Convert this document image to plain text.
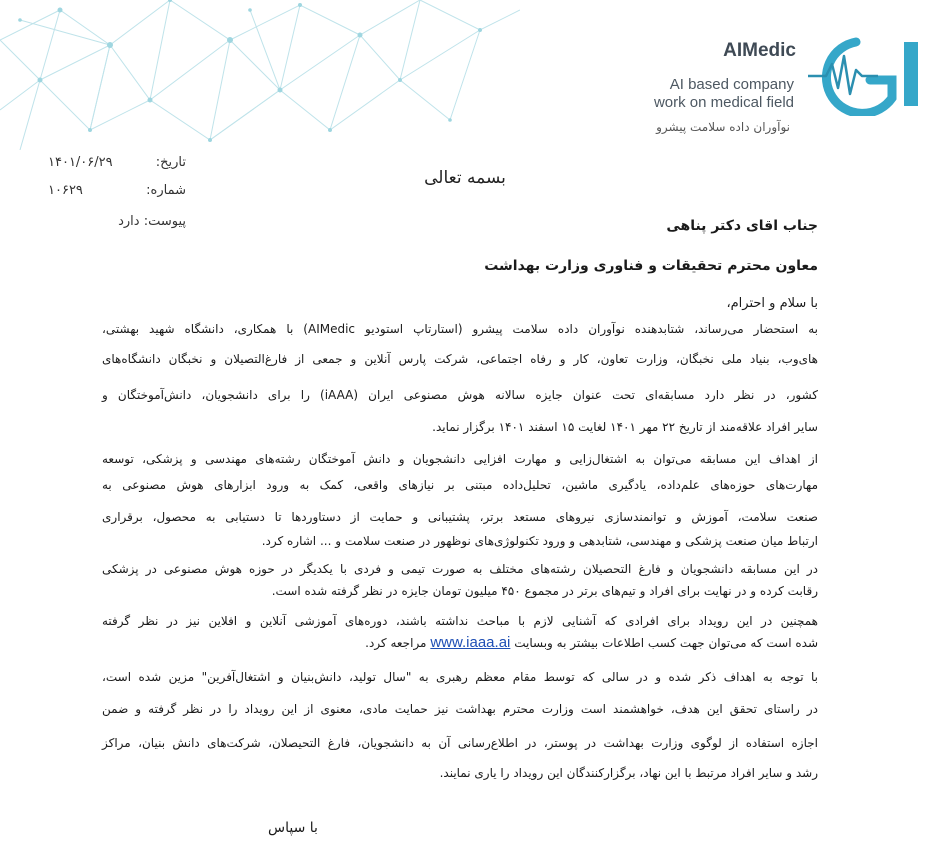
AIMedic
AI based company
work on medical field
نوآوران داده سلامت پیشرو
تاریخ:
۱۴۰۱/۰۶/۲۹
شماره:
۱۰۶۲۹
پیوست: دارد
بسمه تعالی
جناب اقای دکتر پناهی
معاون محترم تحقیقات و فناوری وزارت بهداشت
با سلام و احترام،
به استحضار می‌رساند، شتابدهنده نوآوران داده سلامت پیشرو (استارتاپ استودیو AIMedic) با همکاری، دانشگاه شهید بهشتی،
های‌وب، بنیاد ملی نخبگان، وزارت تعاون، کار و رفاه اجتماعی، شرکت پارس آنلاین و جمعی از فارغ‌التصیلان و نخبگان دانشگاه‌های
کشور، در نظر دارد مسابقه‌ای تحت عنوان جایزه سالانه هوش مصنوعی ایران (iAAA) را برای دانشجویان، دانش‌آموختگان و
سایر افراد علاقه‌مند از تاریخ ۲۲ مهر ۱۴۰۱ لغایت ۱۵ اسفند ۱۴۰۱ برگزار نماید.
از اهداف این مسابقه می‌توان به اشتغال‌زایی و مهارت افزایی دانشجویان و دانش آموختگان رشته‌های مهندسی و پزشکی، توسعه
مهارت‌های حوزه‌های علم‌داده، یادگیری ماشین، تحلیل‌داده مبتنی بر نیازهای واقعی، کمک به ورود ابزارهای هوش مصنوعی به
صنعت سلامت، آموزش و توانمندسازی نیروهای مستعد برتر، پشتیبانی و حمایت از دستاوردها تا دستیابی به محصول، برقراری
ارتباط میان صنعت پزشکی و مهندسی، شتابدهی و ورود تکنولوژی‌های نوظهور در صنعت سلامت و ... اشاره کرد.
در این مسابقه دانشجویان و فارغ التحصیلان رشته‌های مختلف به صورت تیمی و فردی با یکدیگر در حوزه هوش مصنوعی در پزشکی
رقابت کرده و در نهایت برای افراد و تیم‌های برتر در مجموع ۴۵۰ میلیون تومان جایزه در نظر گرفته شده است.
همچنین در این رویداد برای افرادی که آشنایی لازم با مباحث نداشته باشند، دوره‌های آموزشی آنلاین و افلاین نیز در نظر گرفته
شده است که می‌توان جهت کسب اطلاعات بیشتر به وبسایت www.iaaa.ai مراجعه کرد.
با توجه به اهداف ذکر شده و در سالی که توسط مقام معظم رهبری به "سال تولید، دانش‌بنیان و اشتغال‌آفرین" مزین شده است،
در راستای تحقق این هدف، خواهشمند است وزارت محترم بهداشت نیز حمایت مادی، معنوی از این رویداد را در نظر گرفته و ضمن
اجازه استفاده از لوگوی وزارت بهداشت در پوستر، در اطلاع‌رسانی آن به دانشجویان، فارغ التحیصلان، شرکت‌های دانش بنیان، مراکز
رشد و سایر افراد مرتبط با این نهاد، برگزارکنندگان این رویداد را یاری نمایند.
با سپاس
